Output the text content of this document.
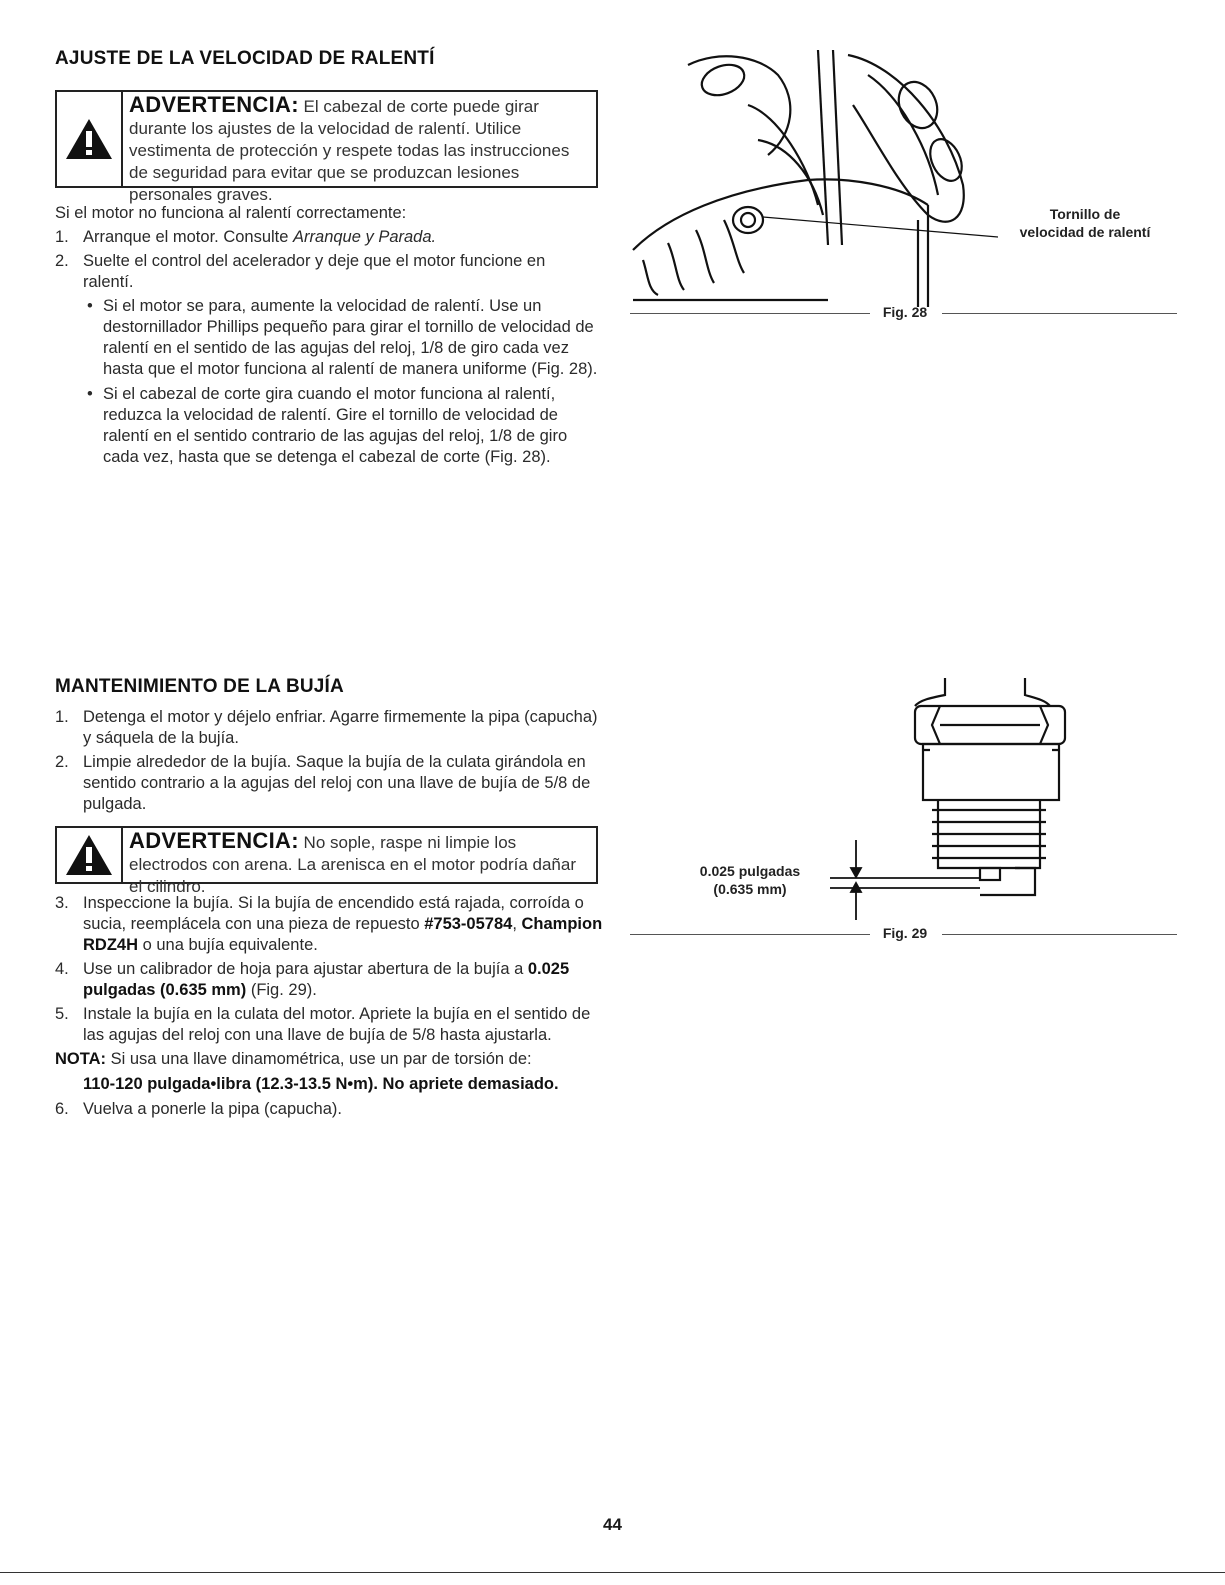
AJUSTE DE LA VELOCIDAD DE RALENTÍ
ADVERTENCIA: El cabezal de corte puede girar durante los ajustes de la velocidad de ralentí. Utilice vestimenta de protección y respete todas las instrucciones de seguridad para evitar que se produzcan lesiones personales graves.
Si el motor no funciona al ralentí correctamente:
1. Arranque el motor. Consulte Arranque y Parada.
2. Suelte el control del acelerador y deje que el motor funcione en ralentí.
• Si el motor se para, aumente la velocidad de ralentí. Use un destornillador Phillips pequeño para girar el tornillo de velocidad de ralentí en el sentido de las agujas del reloj, 1/8 de giro cada vez hasta que el motor funciona al ralentí de manera uniforme (Fig. 28).
• Si el cabezal de corte gira cuando el motor funciona al ralentí, reduzca la velocidad de ralentí. Gire el tornillo de velocidad de ralentí en el sentido contrario de las agujas del reloj, 1/8 de giro cada vez, hasta que se detenga el cabezal de corte (Fig. 28).
Tornillo de
velocidad de ralentí
Fig. 28
MANTENIMIENTO DE LA BUJÍA
1. Detenga el motor y déjelo enfriar. Agarre firmemente la pipa (capucha) y sáquela de la bujía.
2. Limpie alrededor de la bujía. Saque la bujía de la culata girándola en sentido contrario a la agujas del reloj con una llave de bujía de 5/8 de pulgada.
ADVERTENCIA: No sople, raspe ni limpie los electrodos con arena. La arenisca en el motor podría dañar el cilindro.
3. Inspeccione la bujía. Si la bujía de encendido está rajada, corroída o sucia, reemplácela con una pieza de repuesto #753-05784, Champion RDZ4H o una bujía equivalente.
4. Use un calibrador de hoja para ajustar abertura de la bujía a 0.025 pulgadas (0.635 mm) (Fig. 29).
5. Instale la bujía en la culata del motor. Apriete la bujía en el sentido de las agujas del reloj con una llave de bujía de 5/8 hasta ajustarla.
NOTA: Si usa una llave dinamométrica, use un par de torsión de:
110-120 pulgada•libra (12.3-13.5 N•m). No apriete demasiado.
6. Vuelva a ponerle la pipa (capucha).
0.025 pulgadas
(0.635 mm)
Fig. 29
44
